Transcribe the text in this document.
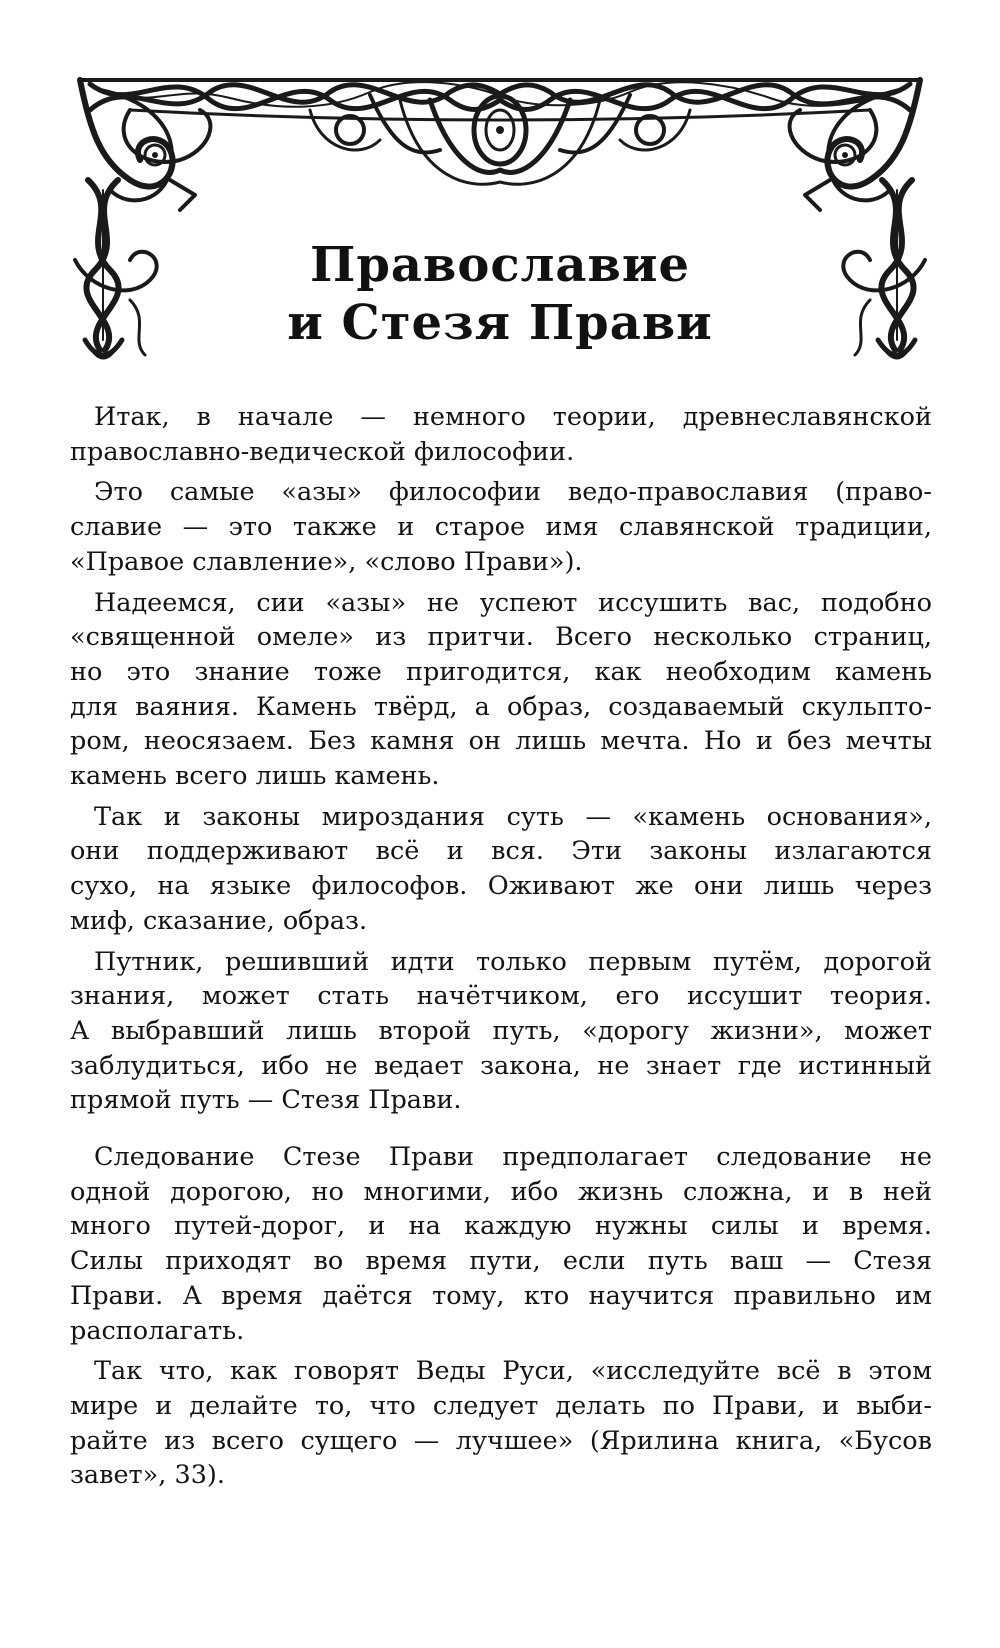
Православие
и Стезя Прави

Итак, в начале — немного теории, древнеславянской
православно-ведической философии.

Это самые «азы» философии ведо-православия (право-
славие — это также и старое имя славянской традиции,
«Правое славление», «слово Прави»).

Надеемся, сии «азы» не успеют иссушить вас, подобно
«священной омеле» из притчи. Всего несколько страниц,
но это знание тоже пригодится, как необходим камень
для ваяния. Камень твёрд, а образ, создаваемый скульпто-
ром, неосязаем. Без камня он лишь мечта. Но и без мечты
камень всего лишь камень.

Так и законы мироздания суть — «камень основания»,
они поддерживают всё и вся. Эти законы излагаются
сухо, на языке философов. Оживают же они лишь через
миф, сказание, образ.

Путник, решивший идти только первым путём, дорогой
знания, может стать начётчиком, его иссушит теория.
А выбравший лишь второй путь, «дорогу жизни», может
заблудиться, ибо не ведает закона, не знает где истинный
прямой путь — Стезя Прави.

Следование Стезе Прави предполагает следование не
одной дорогою, но многими, ибо жизнь сложна, и в ней
много путей-дорог, и на каждую нужны силы и время.
Силы приходят во время пути, если путь ваш — Стезя
Прави. А время даётся тому, кто научится правильно им
располагать.

Так что, как говорят Веды Руси, «исследуйте всё в этом
мире и делайте то, что следует делать по Прави, и выби-
райте из всего сущего — лучшее» (Ярилина книга, «Бусов
завет», 33).
